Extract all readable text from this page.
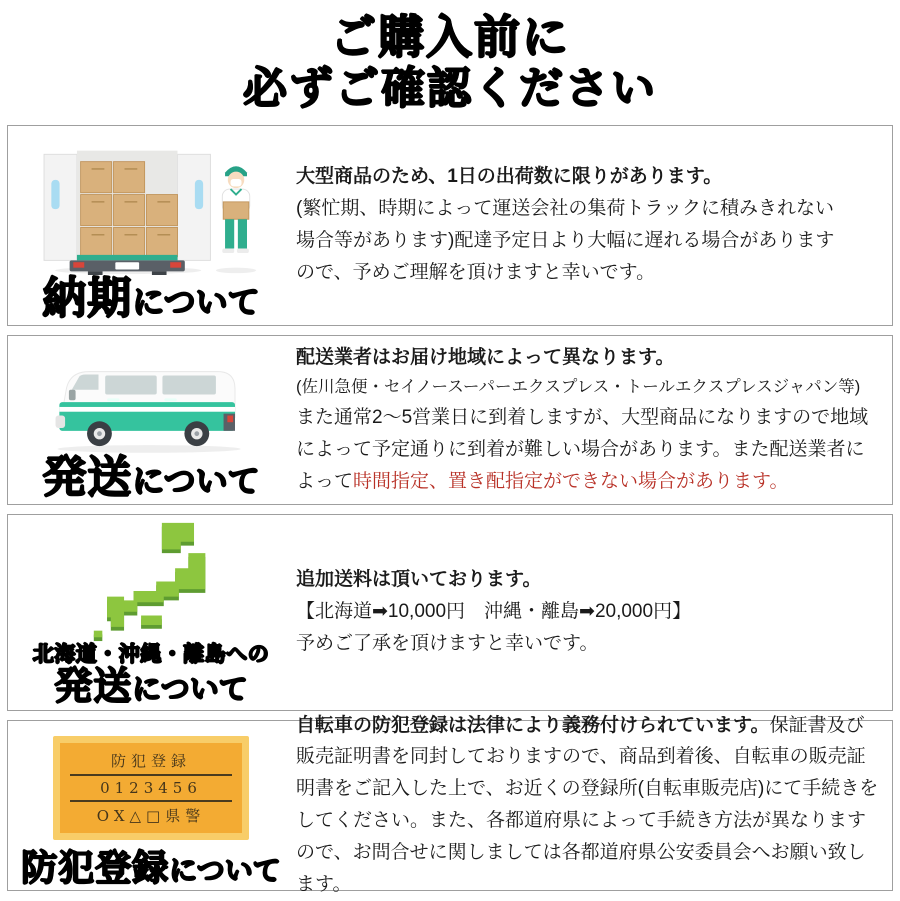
ご購入前に
必ずご確認ください
納期について

大型商品のため、1日の出荷数に限りがあります。

(繁忙期、時期によって運送会社の集荷トラックに積みきれない

場合等があります)配達予定日より大幅に遅れる場合があります

ので、予めご理解を頂けますと幸いです。

発送について

配送業者はお届け地域によって異なります。

(佐川急便・セイノースーパーエクスプレス・トールエクスプレスジャパン等)

また通常2〜5営業日に到着しますが、大型商品になりますので地域によって予定通りに到着が難しい場合があります。また配送業者によって時間指定、置き配指定ができない場合があります。

北海道・沖縄・離島への
発送について

追加送料は頂いております。

【北海道➡10,000円　沖縄・離島➡20,000円】

予めご了承を頂けますと幸いです。

防犯登録
0123456
OX△□県警
防犯登録について

自転車の防犯登録は法律により義務付けられています。保証書及び販売証明書を同封しておりますので、商品到着後、自転車の販売証明書をご記入した上で、お近くの登録所(自転車販売店)にて手続きをしてください。また、各都道府県によって手続き方法が異なりますので、お問合せに関しましては各都道府県公安委員会へお願い致します。
